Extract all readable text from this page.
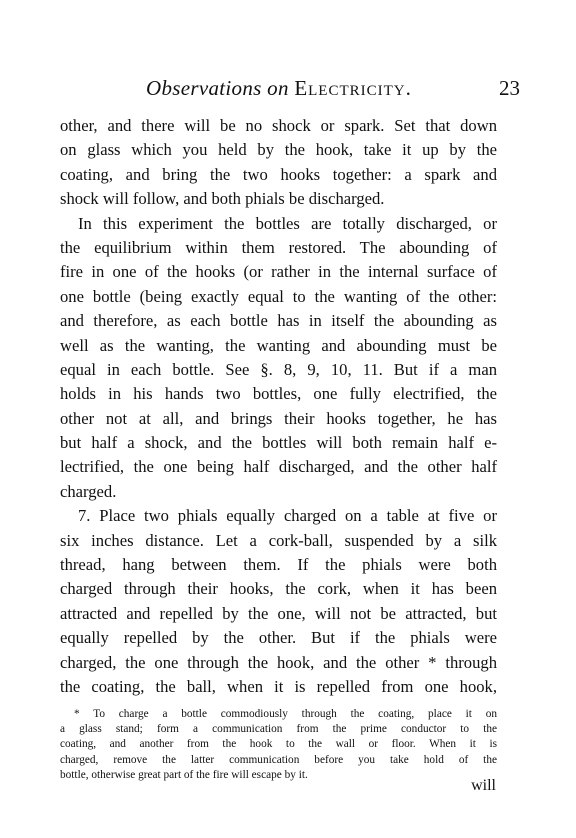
Observations on Electricity.	23
other, and there will be no shock or spark. Set that down
on glass which you held by the hook, take it up by the
coating, and bring the two hooks together: a spark and
shock will follow, and both phials be discharged.
In this experiment the bottles are totally discharged, or
the equilibrium within them restored. The abounding of
fire in one of the hooks (or rather in the internal surface of
one bottle (being exactly equal to the wanting of the other:
and therefore, as each bottle has in itself the abounding as
well as the wanting, the wanting and abounding must be
equal in each bottle. See §. 8, 9, 10, 11. But if a man
holds in his hands two bottles, one fully electrified, the
other not at all, and brings their hooks together, he has
but half a shock, and the bottles will both remain half e-
lectrified, the one being half discharged, and the other half
charged.
7. Place two phials equally charged on a table at five or
six inches distance. Let a cork-ball, suspended by a silk
thread, hang between them. If the phials were both
charged through their hooks, the cork, when it has been
attracted and repelled by the one, will not be attracted, but
equally repelled by the other. But if the phials were
charged, the one through the hook, and the other * through
the coating, the ball, when it is repelled from one hook,
* To charge a bottle commodiously through the coating, place it on
a glass stand; form a communication from the prime conductor to the
coating, and another from the hook to the wall or floor. When it is
charged, remove the latter communication before you take hold of the
bottle, otherwise great part of the fire will escape by it.
will
